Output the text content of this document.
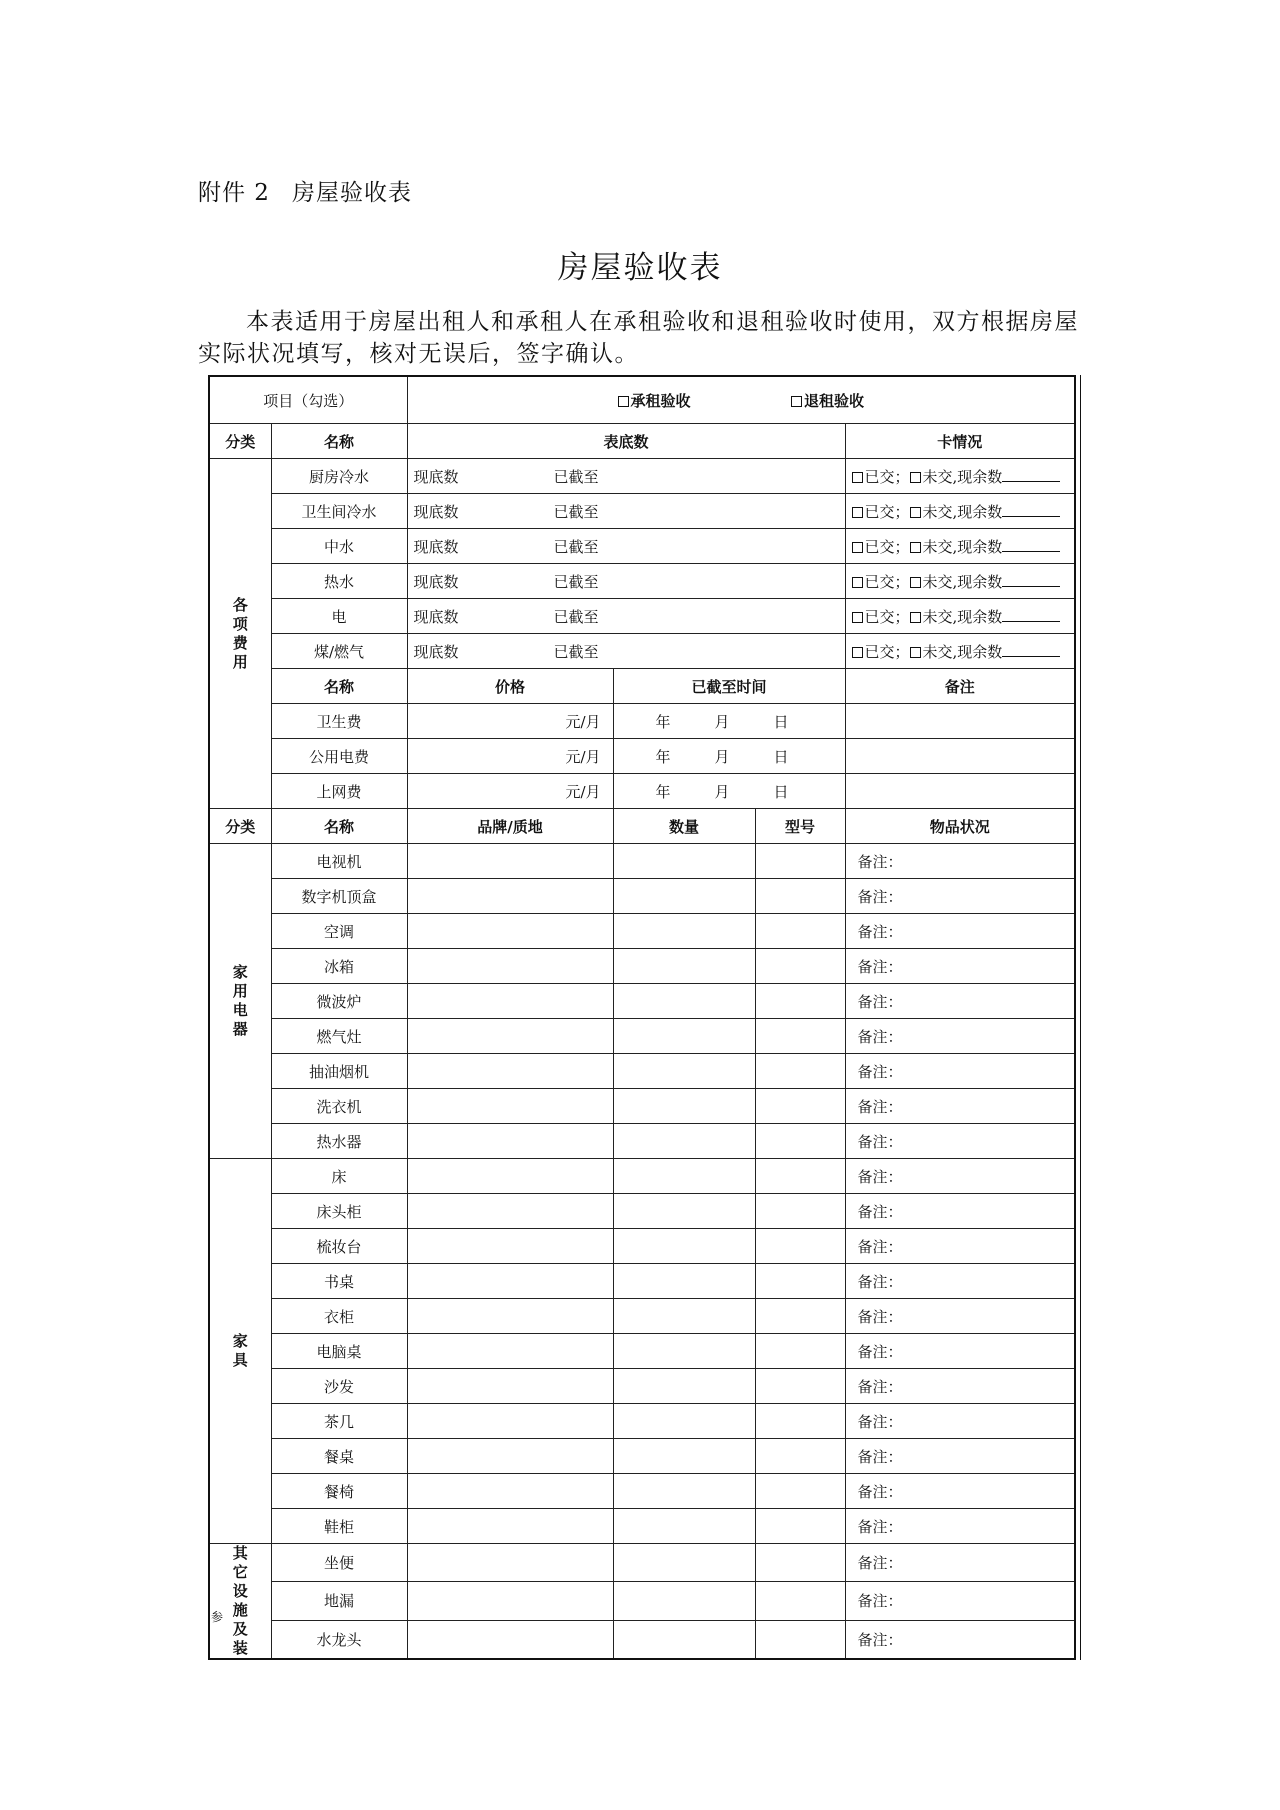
附件 2 房屋验收表
房屋验收表
本表适用于房屋出租人和承租人在承租验收和退租验收时使用，双方根据房屋实际状况填写，核对无误后，签字确认。
项目（勾选）		承租验收 退租验收			
分类	名称	表底数			卡情况
各项费用	厨房冷水	现底数 已截至			已交； 未交,现余数
	卫生间冷水	现底数 已截至			已交； 未交,现余数
	中水	现底数 已截至			已交； 未交,现余数
	热水	现底数 已截至			已交； 未交,现余数
	电	现底数 已截至			已交； 未交,现余数
	煤/燃气	现底数 已截至			已交； 未交,现余数
	名称	价格	已截至时间		备注
	卫生费	元/月	年 月 日		
	公用电费	元/月	年 月 日		
	上网费	元/月	年 月 日		
分类	名称	品牌/质地	数量	型号	物品状况
家用电器	电视机				备注：
	数字机顶盒				备注：
	空调				备注：
	冰箱				备注：
	微波炉				备注：
	燃气灶				备注：
	抽油烟机				备注：
	洗衣机				备注：
	热水器				备注：
家具	床				备注：
	床头柜				备注：
	梳妆台				备注：
	书桌				备注：
	衣柜				备注：
	电脑桌				备注：
	沙发				备注：
	茶几				备注：
	餐桌				备注：
	餐椅				备注：
	鞋柜				备注：
其它设施及装	坐便				备注：
	地漏				备注：
	水龙头				备注：
参
